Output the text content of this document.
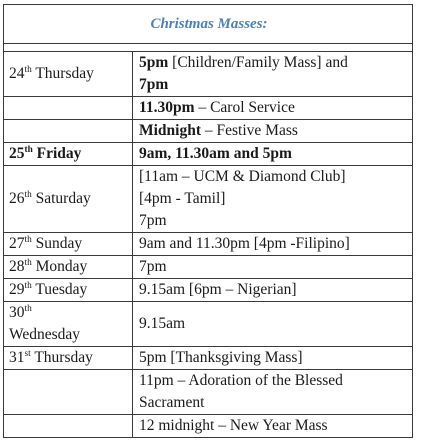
Christmas Masses:	

24th Thursday	5pm [Children/Family Mass] and
7pm

	11.30pm – Carol Service
	Midnight – Festive Mass
25th Friday	9am, 11.30am and 5pm
26th Saturday	[11am – UCM & Diamond Club]
[4pm - Tamil]
7pm

27th Sunday	9am and 11.30pm [4pm -Filipino]
28th Monday	7pm
29th Tuesday	9.15am [6pm – Nigerian]

30th
Wednesday	9.15am
31st Thursday	5pm [Thanksgiving Mass]

	11pm – Adoration of the Blessed
Sacrament

	12 midnight – New Year Mass
